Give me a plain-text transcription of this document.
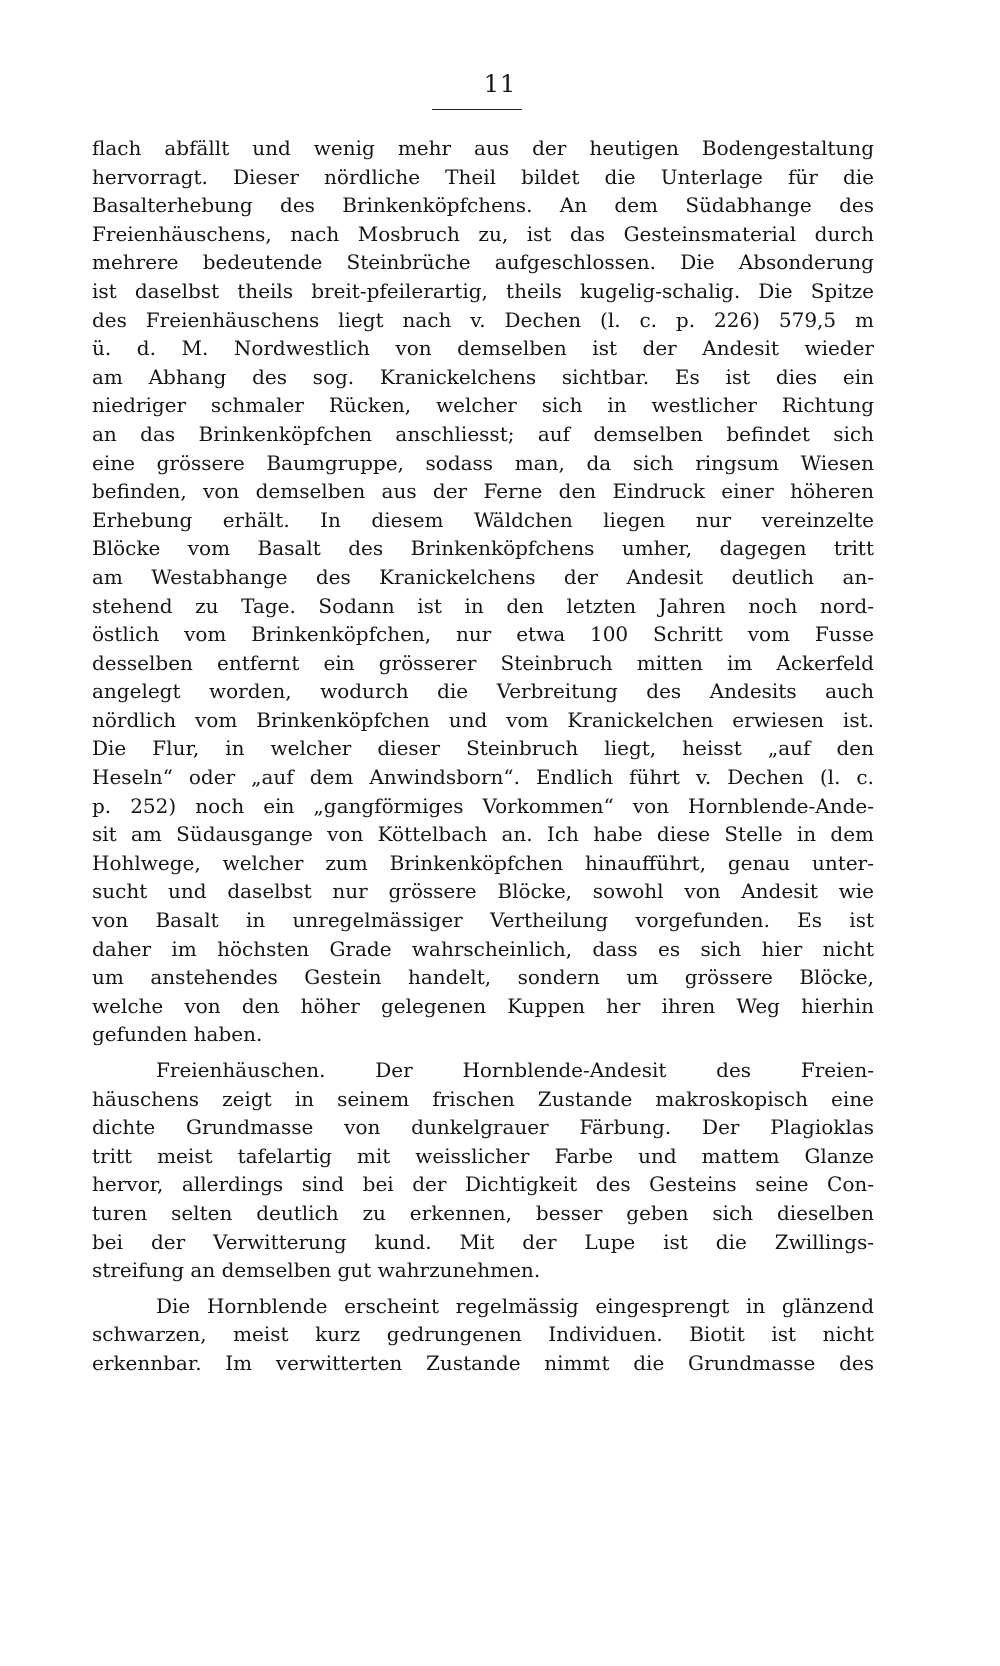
11
flach abfällt und wenig mehr aus der heutigen Bodengestaltung
hervorragt. Dieser nördliche Theil bildet die Unterlage für die
Basalterhebung des Brinkenköpfchens. An dem Südabhange des
Freienhäuschens, nach Mosbruch zu, ist das Gesteinsmaterial durch
mehrere bedeutende Steinbrüche aufgeschlossen. Die Absonderung
ist daselbst theils breit-pfeilerartig, theils kugelig-schalig. Die Spitze
des Freienhäuschens liegt nach v. Dechen (l. c. p. 226) 579,5 m
ü. d. M. Nordwestlich von demselben ist der Andesit wieder
am Abhang des sog. Kranickelchens sichtbar. Es ist dies ein
niedriger schmaler Rücken, welcher sich in westlicher Richtung
an das Brinkenköpfchen anschliesst; auf demselben befindet sich
eine grössere Baumgruppe, sodass man, da sich ringsum Wiesen
befinden, von demselben aus der Ferne den Eindruck einer höheren
Erhebung erhält. In diesem Wäldchen liegen nur vereinzelte
Blöcke vom Basalt des Brinkenköpfchens umher, dagegen tritt
am Westabhange des Kranickelchens der Andesit deutlich an-
stehend zu Tage. Sodann ist in den letzten Jahren noch nord-
östlich vom Brinkenköpfchen, nur etwa 100 Schritt vom Fusse
desselben entfernt ein grösserer Steinbruch mitten im Ackerfeld
angelegt worden, wodurch die Verbreitung des Andesits auch
nördlich vom Brinkenköpfchen und vom Kranickelchen erwiesen ist.
Die Flur, in welcher dieser Steinbruch liegt, heisst „auf den
Heseln“ oder „auf dem Anwindsborn“. Endlich führt v. Dechen (l. c.
p. 252) noch ein „gangförmiges Vorkommen“ von Hornblende-Ande-
sit am Südausgange von Köttelbach an. Ich habe diese Stelle in dem
Hohlwege, welcher zum Brinkenköpfchen hinaufführt, genau unter-
sucht und daselbst nur grössere Blöcke, sowohl von Andesit wie
von Basalt in unregelmässiger Vertheilung vorgefunden. Es ist
daher im höchsten Grade wahrscheinlich, dass es sich hier nicht
um anstehendes Gestein handelt, sondern um grössere Blöcke,
welche von den höher gelegenen Kuppen her ihren Weg hierhin
gefunden haben.
Freienhäuschen. Der Hornblende-Andesit des Freien-
häuschens zeigt in seinem frischen Zustande makroskopisch eine
dichte Grundmasse von dunkelgrauer Färbung. Der Plagioklas
tritt meist tafelartig mit weisslicher Farbe und mattem Glanze
hervor, allerdings sind bei der Dichtigkeit des Gesteins seine Con-
turen selten deutlich zu erkennen, besser geben sich dieselben
bei der Verwitterung kund. Mit der Lupe ist die Zwillings-
streifung an demselben gut wahrzunehmen.
Die Hornblende erscheint regelmässig eingesprengt in glänzend
schwarzen, meist kurz gedrungenen Individuen. Biotit ist nicht
erkennbar. Im verwitterten Zustande nimmt die Grundmasse des
